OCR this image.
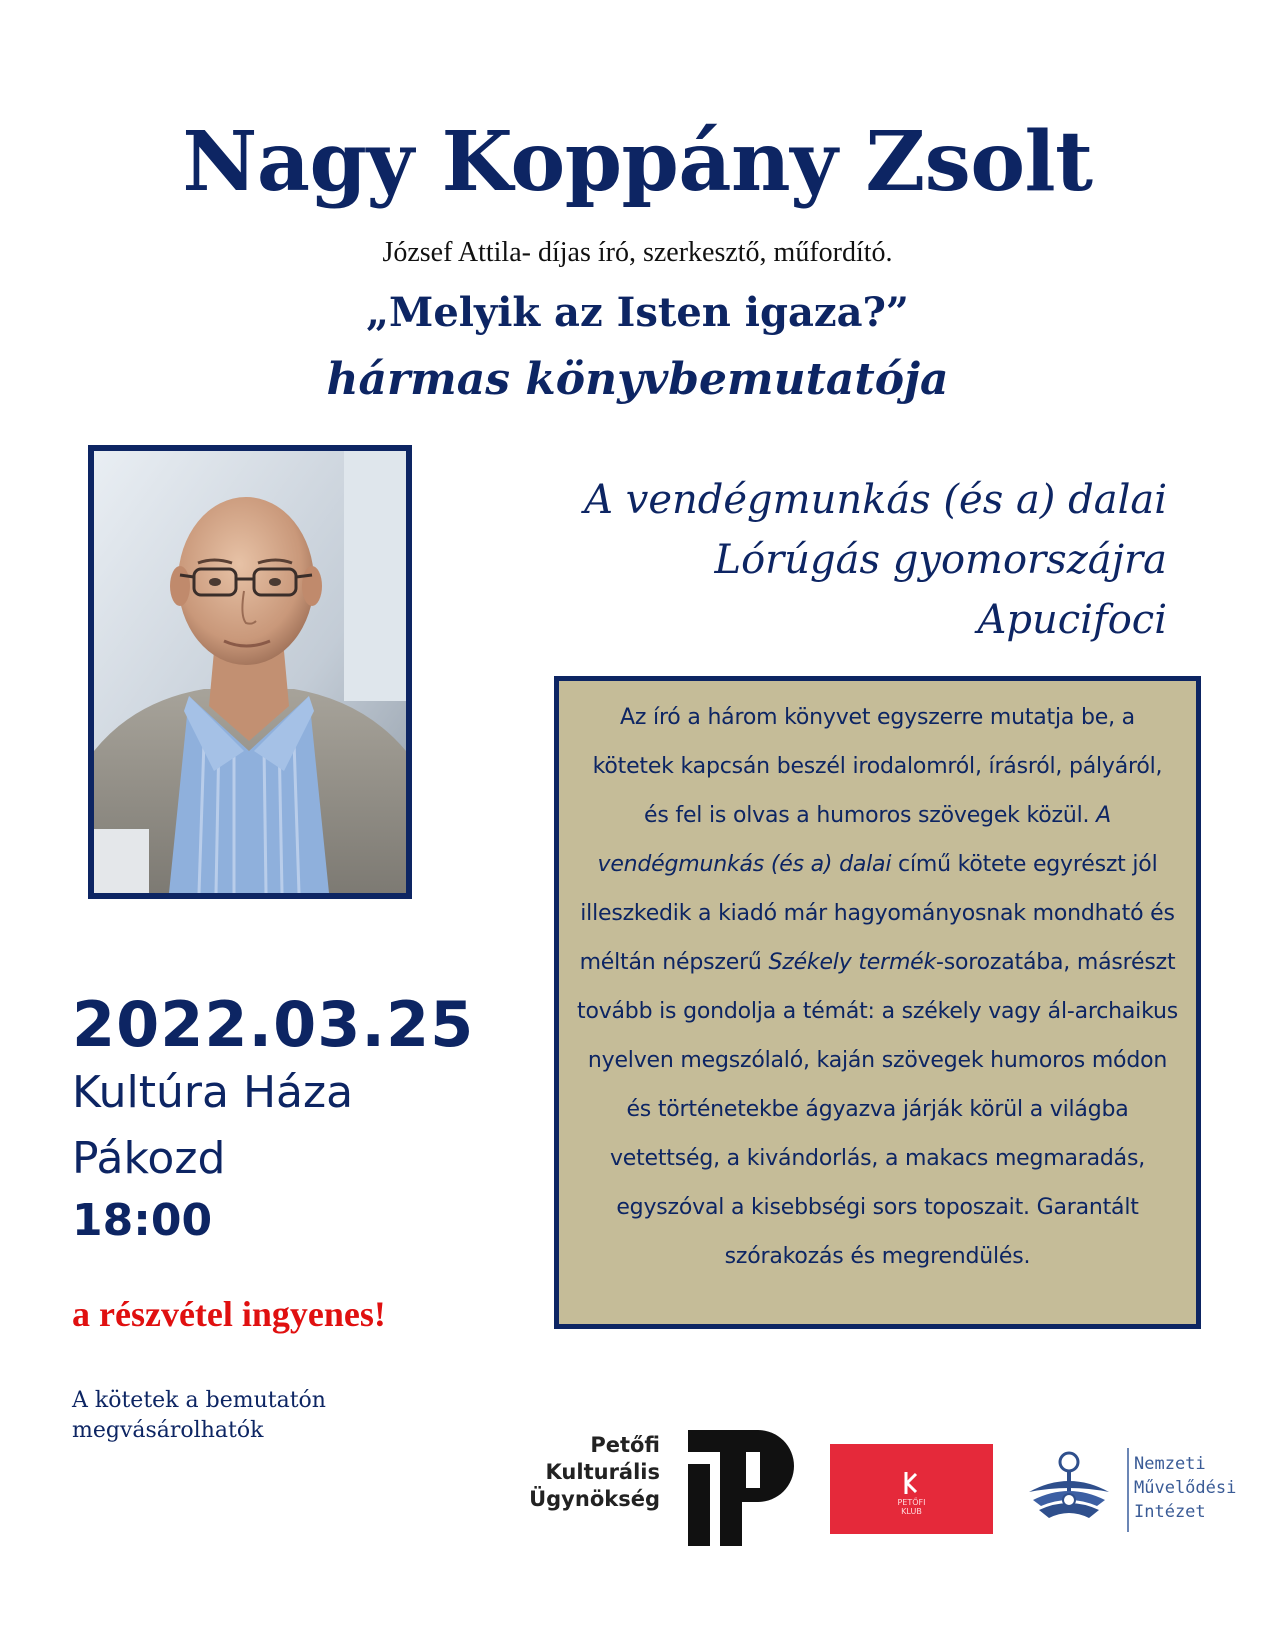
Nagy Koppány Zsolt
József Attila- díjas író, szerkesztő, műfordító.
„Melyik az Isten igaza?”
hármas könyvbemutatója
A vendégmunkás (és a) dalai
Lórúgás gyomorszájra
Apucifoci

Az író a három könyvet egyszerre mutatja be, a kötetek kapcsán beszél irodalomról, írásról, pályáról, és fel is olvas a humoros szövegek közül. A vendégmunkás (és a) dalai című kötete egyrészt jól illeszkedik a kiadó már hagyományosnak mondható és méltán népszerű Székely termék-sorozatába, másrészt tovább is gondolja a témát: a székely vagy ál-archaikus nyelven megszólaló, kaján szövegek humoros módon és történetekbe ágyazva járják körül a világba vetettség, a kivándorlás, a makacs megmaradás, egyszóval a kisebbségi sors toposzait. Garantált szórakozás és megrendülés.

2022.03.25
Kultúra Háza
Pákozd
18:00
a részvétel ingyenes!
A kötetek a bemutatón
megvásárolhatók
Petőfi
Kulturális
Ügynökség	PETŐFI
KLUB
Nemzeti
Művelődési
Intézet
